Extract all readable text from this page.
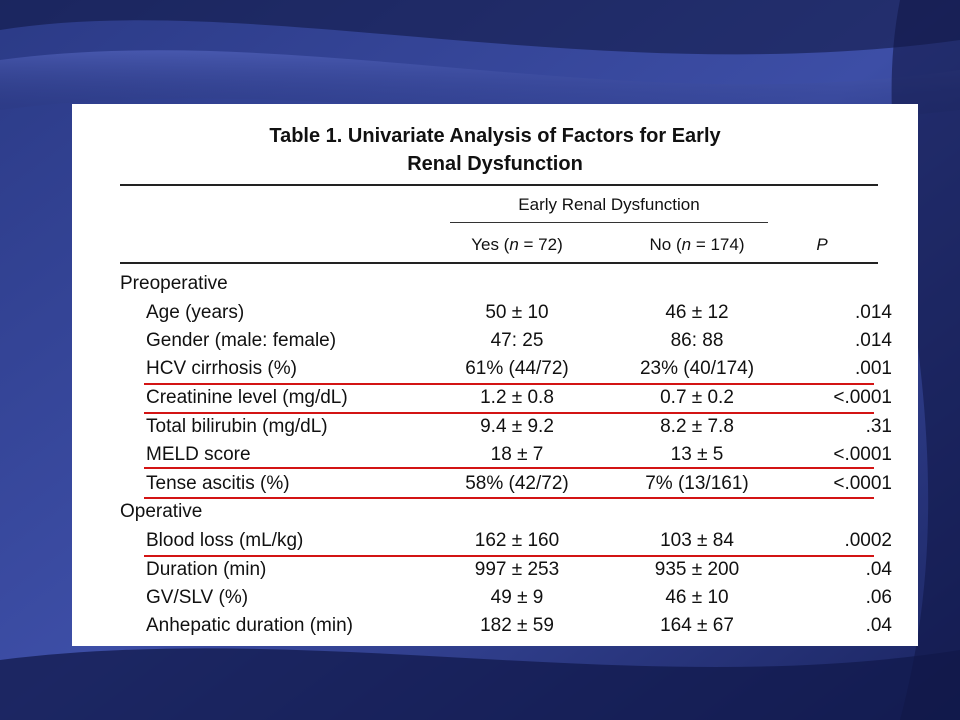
Table 1. Univariate Analysis of Factors for Early
Renal Dysfunction
Early Renal Dysfunction
Yes (n = 72)	No (n = 174)	P
Preoperative
Age (years)	50 ± 10	46 ± 12	.014
Gender (male: female)	47: 25	86: 88	.014
HCV cirrhosis (%)	61% (44/72)	23% (40/174)	.001
Creatinine level (mg/dL)	1.2 ± 0.8	0.7 ± 0.2	<.0001
Total bilirubin (mg/dL)	9.4 ± 9.2	8.2 ± 7.8	.31
MELD score	18 ± 7	13 ± 5	<.0001
Tense ascitis (%)	58% (42/72)	7% (13/161)	<.0001
Operative
Blood loss (mL/kg)	162 ± 160	103 ± 84	.0002
Duration (min)	997 ± 253	935 ± 200	.04
GV/SLV (%)	49 ± 9	46 ± 10	.06
Anhepatic duration (min)	182 ± 59	164 ± 67	.04
